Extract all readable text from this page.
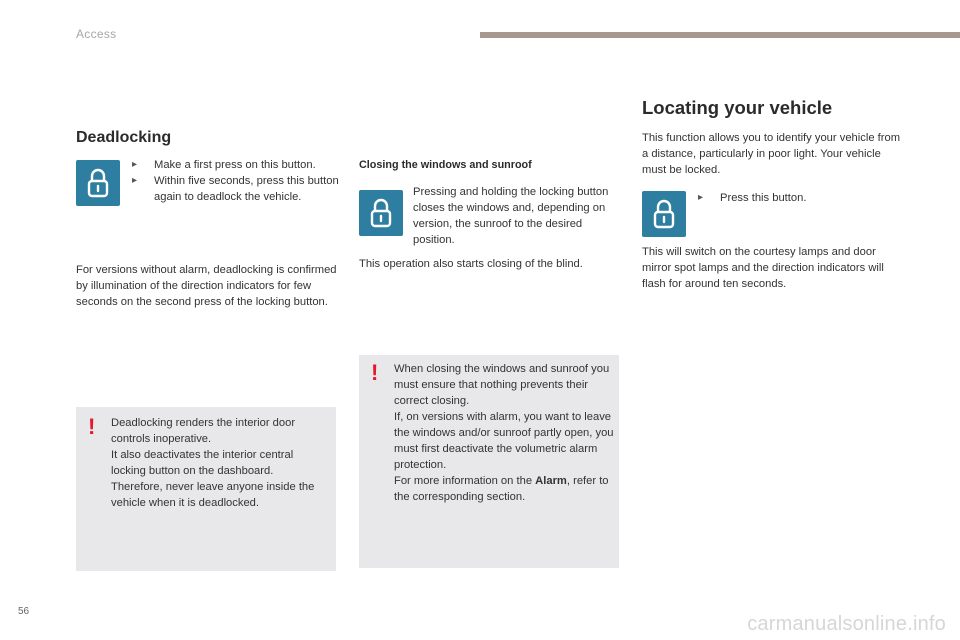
Access
Deadlocking
▸ Make a first press on this button.
▸ Within five seconds, press this button again to deadlock the vehicle.

For versions without alarm, deadlocking is confirmed by illumination of the direction indicators for few seconds on the second press of the locking button.

! Deadlocking renders the interior door controls inoperative.

It also deactivates the interior central locking button on the dashboard.

Therefore, never leave anyone inside the vehicle when it is deadlocked.

Closing the windows and sunroof

Pressing and holding the locking button closes the windows and, depending on version, the sunroof to the desired position.

This operation also starts closing of the blind.

! When closing the windows and sunroof you must ensure that nothing prevents their correct closing.

If, on versions with alarm, you want to leave the windows and/or sunroof partly open, you must first deactivate the volumetric alarm protection.

For more information on the Alarm, refer to the corresponding section.

Locating your vehicle

This function allows you to identify your vehicle from a distance, particularly in poor light. Your vehicle must be locked.

▸ Press this button.

This will switch on the courtesy lamps and door mirror spot lamps and the direction indicators will flash for around ten seconds.

56
carmanualsonline.info
